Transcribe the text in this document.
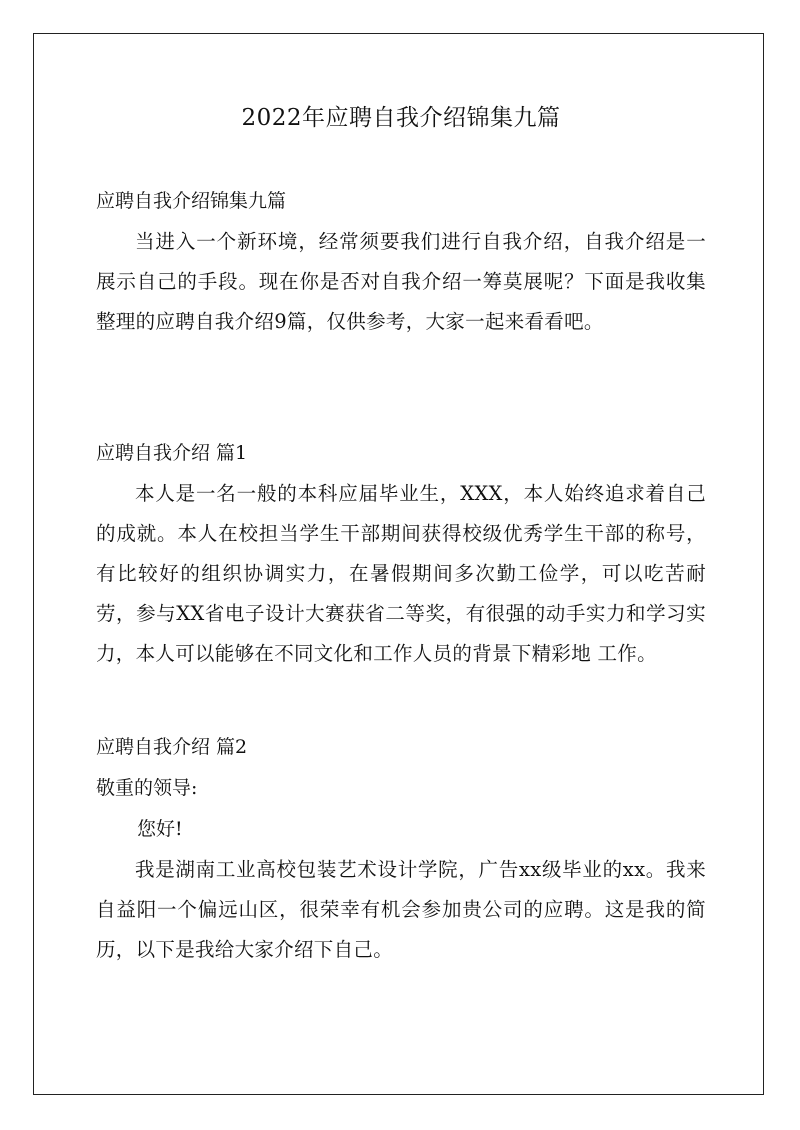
2022年应聘自我介绍锦集九篇

应聘自我介绍锦集九篇

当进入一个新环境，经常须要我们进行自我介绍，自我介绍是一展示自己的手段。现在你是否对自我介绍一筹莫展呢？下面是我收集整理的应聘自我介绍9篇，仅供参考，大家一起来看看吧。

应聘自我介绍 篇1

本人是一名一般的本科应届毕业生，XXX，本人始终追求着自己的成就。本人在校担当学生干部期间获得校级优秀学生干部的称号，有比较好的组织协调实力，在暑假期间多次勤工俭学，可以吃苦耐劳，参与XX省电子设计大赛获省二等奖，有很强的动手实力和学习实力，本人可以能够在不同文化和工作人员的背景下精彩地 工作。

应聘自我介绍 篇2

敬重的领导:

您好!

我是湖南工业高校包装艺术设计学院，广告xx级毕业的xx。我来自益阳一个偏远山区，很荣幸有机会参加贵公司的应聘。这是我的简历，以下是我给大家介绍下自己。
